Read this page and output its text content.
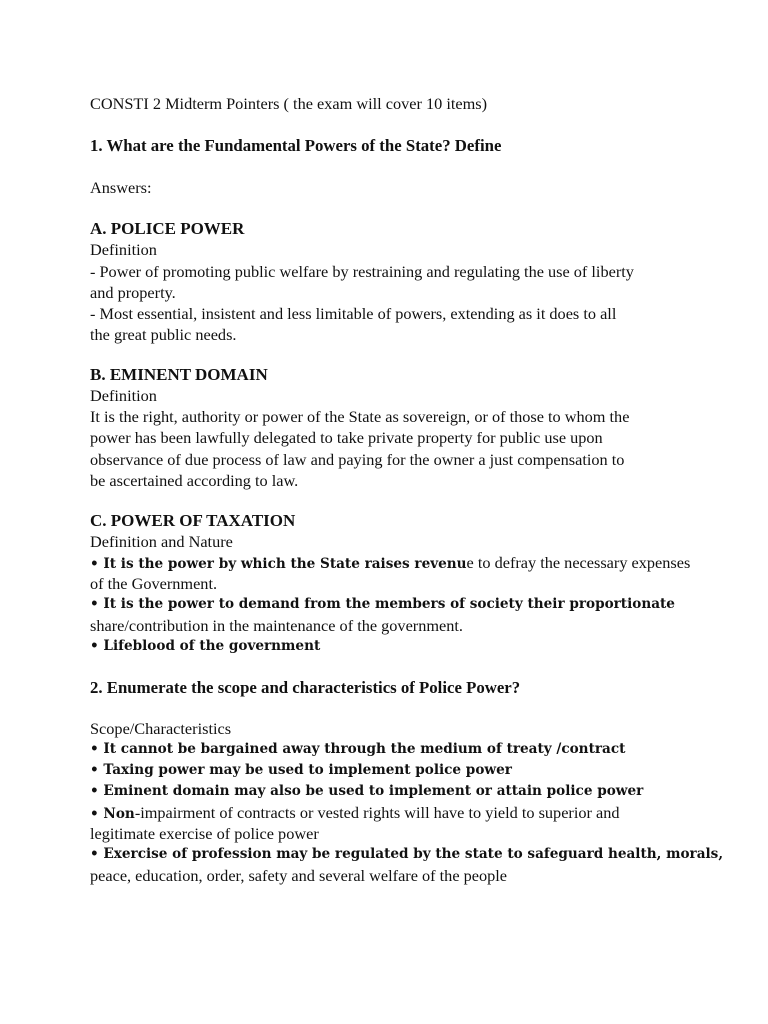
CONSTI 2 Midterm Pointers ( the exam will cover 10 items)
1. What are the Fundamental Powers of the State? Define
Answers:
A. POLICE POWER
Definition
- Power of promoting public welfare by restraining and regulating the use of liberty
and property.
- Most essential, insistent and less limitable of powers, extending as it does to all
the great public needs.
B. EMINENT DOMAIN
Definition
It is the right, authority or power of the State as sovereign, or of those to whom the
power has been lawfully delegated to take private property for public use upon
observance of due process of law and paying for the owner a just compensation to
be ascertained according to law.
C. POWER OF TAXATION
Definition and Nature
• It is the power by which the State raises revenue to defray the necessary expenses
of the Government.
• It is the power to demand from the members of society their proportionate
share/contribution in the maintenance of the government.
• Lifeblood of the government
2. Enumerate the scope and characteristics of Police Power?
Scope/Characteristics
• It cannot be bargained away through the medium of treaty /contract
• Taxing power may be used to implement police power
• Eminent domain may also be used to implement or attain police power
• Non-impairment of contracts or vested rights will have to yield to superior and
legitimate exercise of police power
• Exercise of profession may be regulated by the state to safeguard health, morals,
peace, education, order, safety and several welfare of the people
